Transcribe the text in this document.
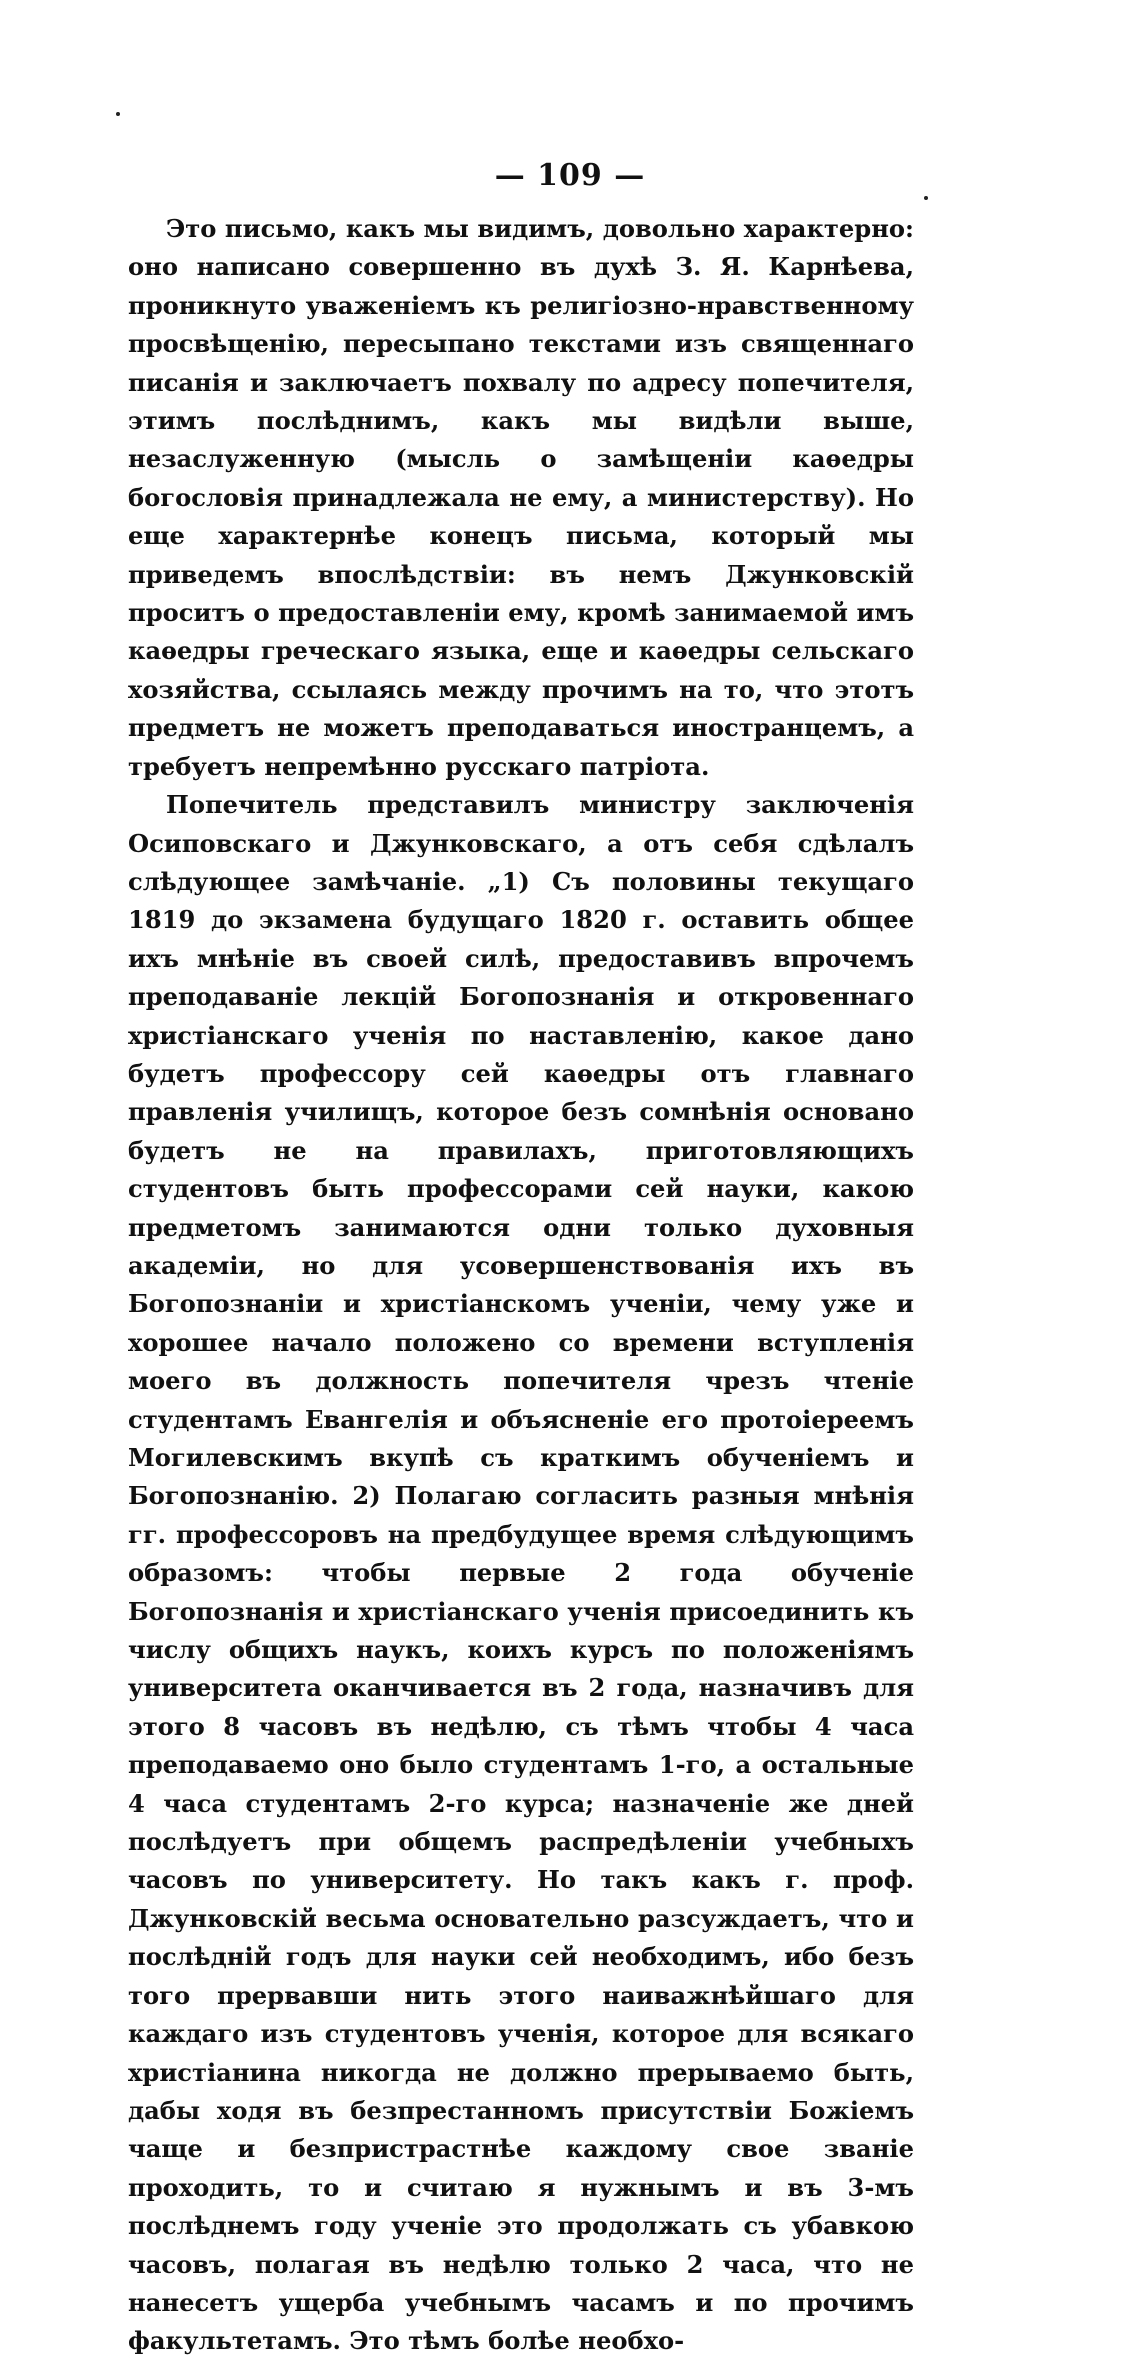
— 109 —

Это письмо, какъ мы видимъ, довольно характерно: оно написано совершенно въ духѣ З. Я. Карнѣева, проникнуто уваженіемъ къ религіозно-нравственному просвѣщенію, пересыпано текстами изъ священнаго писанія и заключаетъ похвалу по адресу попечителя, этимъ послѣднимъ, какъ мы видѣли выше, незаслуженную (мысль о замѣщеніи каѳедры богословія принадлежала не ему, а министерству). Но еще характернѣе конецъ письма, который мы приведемъ впослѣдствіи: въ немъ Джунковскій проситъ о предоставленіи ему, кромѣ занимаемой имъ каѳедры греческаго языка, еще и каѳедры сельскаго хозяйства, ссылаясь между прочимъ на то, что этотъ предметъ не можетъ преподаваться иностранцемъ, а требуетъ непремѣнно русскаго патріота.

Попечитель представилъ министру заключенія Осиповскаго и Джунковскаго, а отъ себя сдѣлалъ слѣдующее замѣчаніе. „1) Съ половины текущаго 1819 до экзамена будущаго 1820 г. оставить общее ихъ мнѣніе въ своей силѣ, предоставивъ впрочемъ преподаваніе лекцій Богопознанія и откровеннаго христіанскаго ученія по наставленію, какое дано будетъ профессору сей каѳедры отъ главнаго правленія училищъ, которое безъ сомнѣнія основано будетъ не на правилахъ, приготовляющихъ студентовъ быть профессорами сей науки, какою предметомъ занимаются одни только духовныя академіи, но для усовершенствованія ихъ въ Богопознаніи и христіанскомъ ученіи, чему уже и хорошее начало положено со времени вступленія моего въ должность попечителя чрезъ чтеніе студентамъ Евангелія и объясненіе его протоіереемъ Могилевскимъ вкупѣ съ краткимъ обученіемъ и Богопознанію. 2) Полагаю согласить разныя мнѣнія гг. профессоровъ на предбудущее время слѣдующимъ образомъ: чтобы первые 2 года обученіе Богопознанія и христіанскаго ученія присоединить къ числу общихъ наукъ, коихъ курсъ по положеніямъ университета оканчивается въ 2 года, назначивъ для этого 8 часовъ въ недѣлю, съ тѣмъ чтобы 4 часа преподаваемо оно было студентамъ 1-го, а остальные 4 часа студентамъ 2-го курса; назначеніе же дней послѣдуетъ при общемъ распредѣленіи учебныхъ часовъ по университету. Но такъ какъ г. проф. Джунковскій весьма основательно разсуждаетъ, что и послѣдній годъ для науки сей необходимъ, ибо безъ того прервавши нить этого наиважнѣйшаго для каждаго изъ студентовъ ученія, которое для всякаго христіанина никогда не должно прерываемо быть, дабы ходя въ безпрестанномъ присутствіи Божіемъ чаще и безпристрастнѣе каждому свое званіе проходить, то и считаю я нужнымъ и въ 3-мъ послѣднемъ году ученіе это продолжать съ убавкою часовъ, полагая въ недѣлю только 2 часа, что не нанесетъ ущерба учебнымъ часамъ и по прочимъ факультетамъ. Это тѣмъ болѣе необхо-
